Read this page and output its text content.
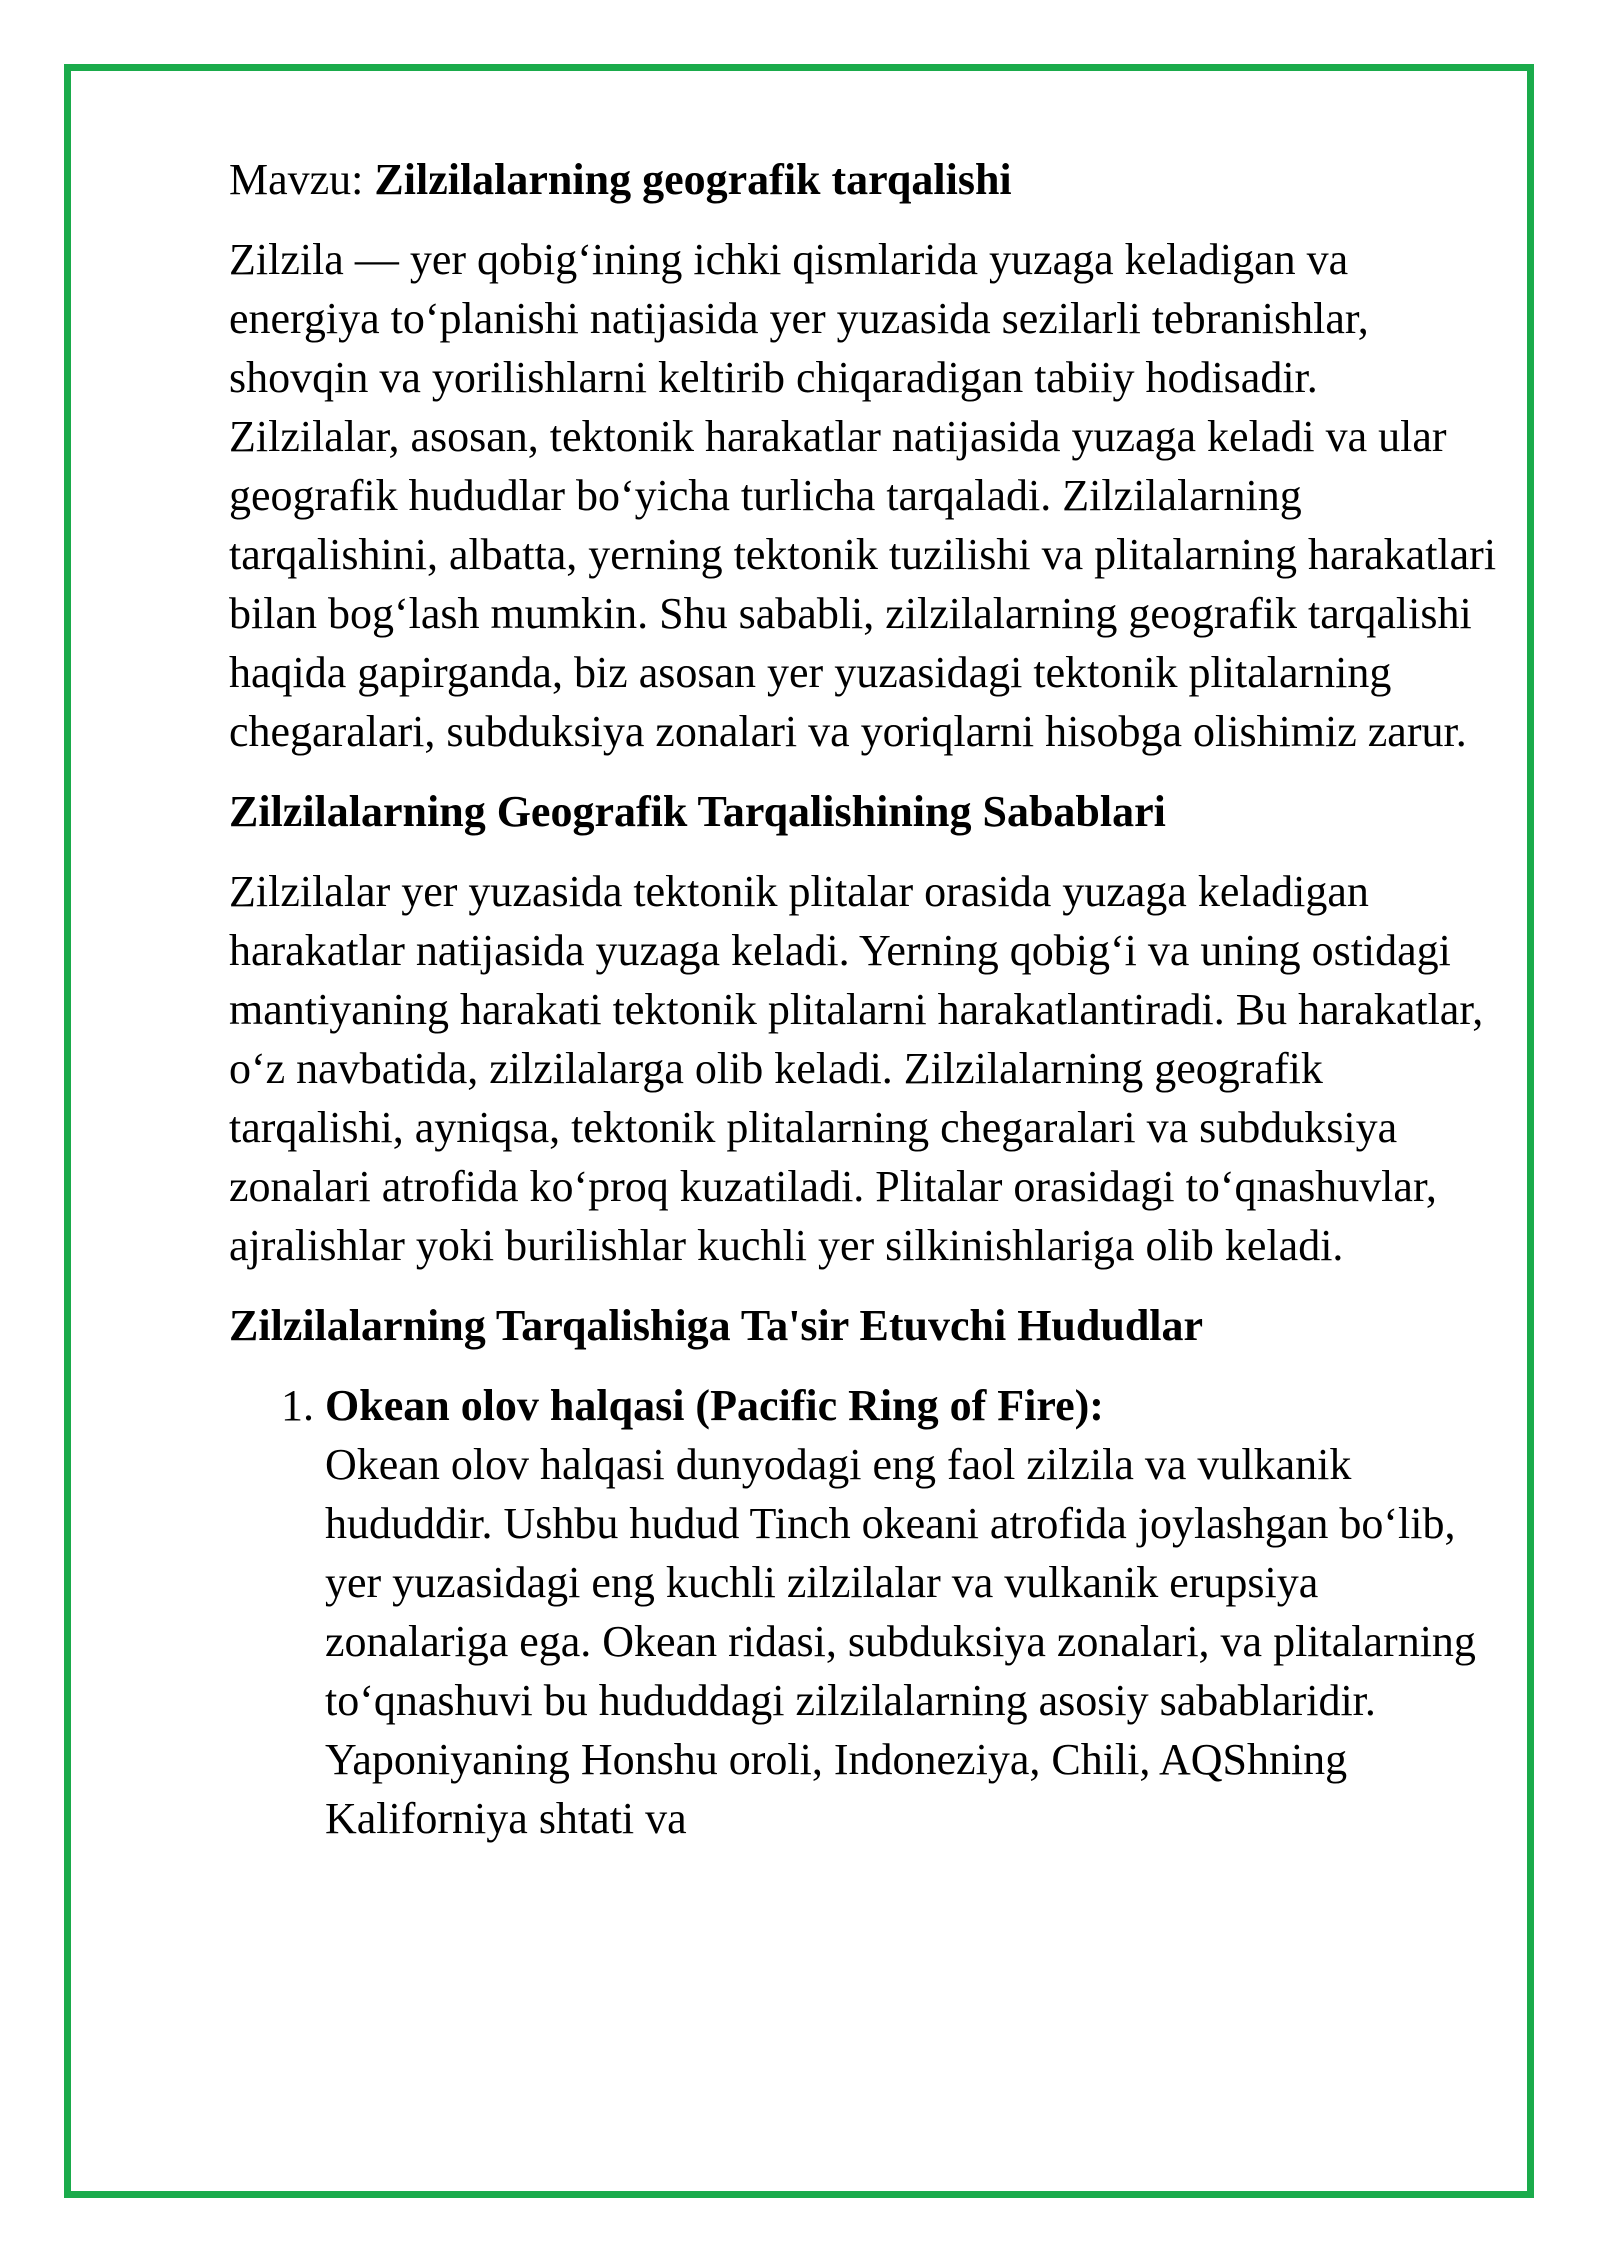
Mavzu: Zilzilalarning geografik tarqalishi

Zilzila — yer qobig‘ining ichki qismlarida yuzaga keladigan va energiya to‘planishi natijasida yer yuzasida sezilarli tebranishlar, shovqin va yorilishlarni keltirib chiqaradigan tabiiy hodisadir. Zilzilalar, asosan, tektonik harakatlar natijasida yuzaga keladi va ular geografik hududlar bo‘yicha turlicha tarqaladi. Zilzilalarning tarqalishini, albatta, yerning tektonik tuzilishi va plitalarning harakatlari bilan bog‘lash mumkin. Shu sababli, zilzilalarning geografik tarqalishi haqida gapirganda, biz asosan yer yuzasidagi tektonik plitalarning chegaralari, subduksiya zonalari va yoriqlarni hisobga olishimiz zarur.

Zilzilalarning Geografik Tarqalishining Sabablari

Zilzilalar yer yuzasida tektonik plitalar orasida yuzaga keladigan harakatlar natijasida yuzaga keladi. Yerning qobig‘i va uning ostidagi mantiyaning harakati tektonik plitalarni harakatlantiradi. Bu harakatlar, o‘z navbatida, zilzilalarga olib keladi. Zilzilalarning geografik tarqalishi, ayniqsa, tektonik plitalarning chegaralari va subduksiya zonalari atrofida ko‘proq kuzatiladi. Plitalar orasidagi to‘qnashuvlar, ajralishlar yoki burilishlar kuchli yer silkinishlariga olib keladi.

Zilzilalarning Tarqalishiga Ta'sir Etuvchi Hududlar
1. Okean olov halqasi (Pacific Ring of Fire):
Okean olov halqasi dunyodagi eng faol zilzila va vulkanik hududdir. Ushbu hudud Tinch okeani atrofida joylashgan bo‘lib, yer yuzasidagi eng kuchli zilzilalar va vulkanik erupsiya zonalariga ega. Okean ridasi, subduksiya zonalari, va plitalarning to‘qnashuvi bu hududdagi zilzilalarning asosiy sabablaridir. Yaponiyaning Honshu oroli, Indoneziya, Chili, AQShning Kaliforniya shtati va
